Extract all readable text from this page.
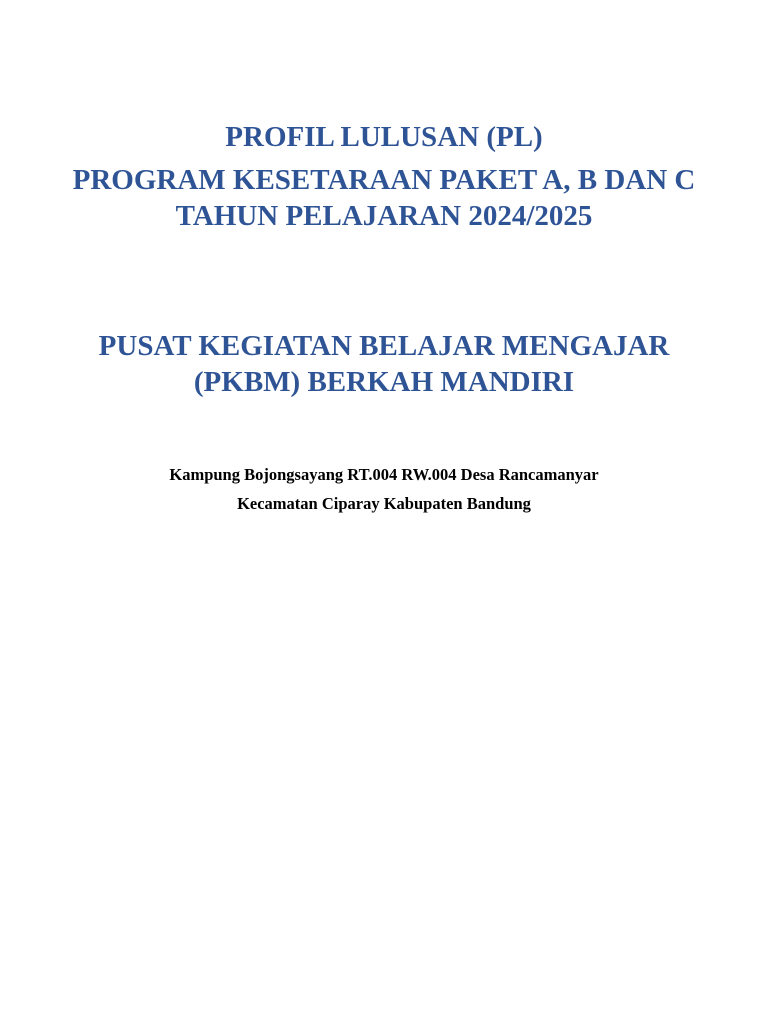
PROFIL LULUSAN (PL)
PROGRAM KESETARAAN PAKET A, B DAN C
TAHUN PELAJARAN 2024/2025
PUSAT KEGIATAN BELAJAR MENGAJAR
(PKBM) BERKAH MANDIRI
Kampung Bojongsayang RT.004 RW.004 Desa Rancamanyar
Kecamatan Ciparay Kabupaten Bandung
